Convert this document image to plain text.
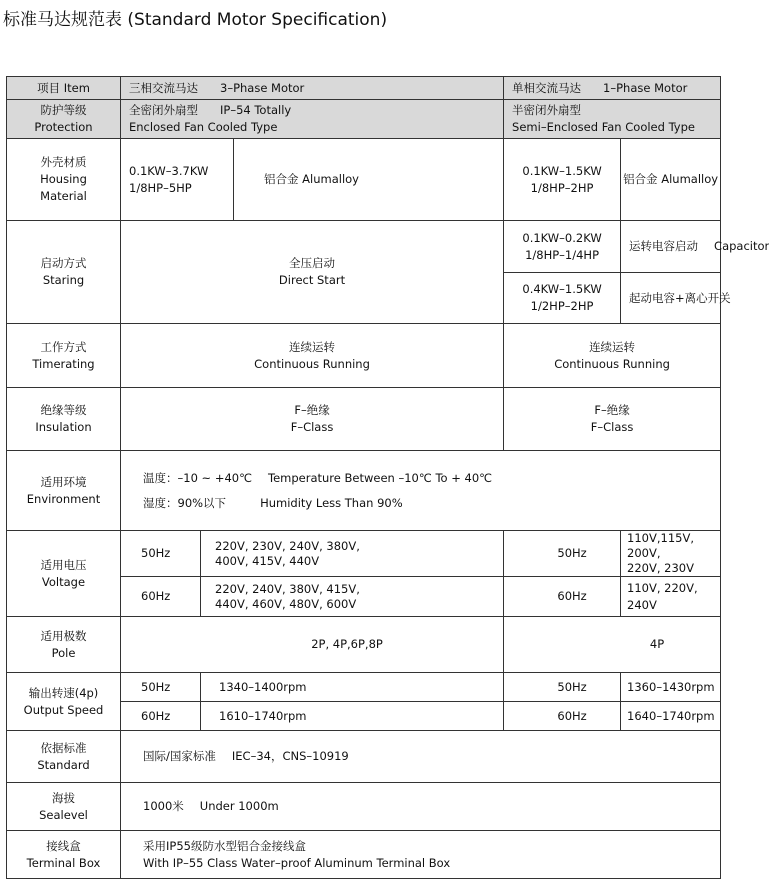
标准马达规范表 (Standard Motor Specification)
项目 Item	三相交流马达 3–Phase Motor			单相交流马达 1–Phase Motor	

防护等级
Protection	全密闭外扇型 IP–54 Totally
Enclosed Fan Cooled Type			半密闭外扇型
Semi–Enclosed Fan Cooled Type	

外壳材质
Housing
Material	0.1KW–3.7KW
1/8HP–5HP		铝合金 Alumalloy	0.1KW–1.5KW
1/8HP–2HP	铝合金 Alumalloy

启动方式
Staring	全压启动
Direct Start			0.1KW–0.2KW
1/8HP–1/4HP	运转电容启动 Capacitor

				0.4KW–1.5KW
1/2HP–2HP	起动电容+离心开关

工作方式
Timerating	连续运转
Continuous Running			连续运转
Continuous Running	

绝缘等级
Insulation	F–绝缘
F–Class			F–绝缘
F–Class	

适用环境
Environment	温度：–10 ~ +40℃ Temperature Between –10℃ To + 40℃
湿度：90%以下 Humidity Less Than 90%				

适用电压
Voltage	50Hz	220V, 230V, 240V, 380V,
400V, 415V, 440V		50Hz	110V,115V, 200V,
220V, 230V

	60Hz	220V, 240V, 380V, 415V,
440V, 460V, 480V, 600V		60Hz	110V, 220V, 240V

适用极数
Pole	2P, 4P,6P,8P			4P	

输出转速(4p)
Output Speed	50Hz	1340–1400rpm		50Hz	1360–1430rpm
	60Hz	1610–1740rpm		60Hz	1640–1740rpm

依据标准
Standard	国际/国家标准 IEC–34，CNS–10919				

海拔
Sealevel	1000米 Under 1000m				

接线盒
Terminal Box	采用IP55级防水型铝合金接线盒
With IP–55 Class Water–proof Aluminum Terminal Box				
